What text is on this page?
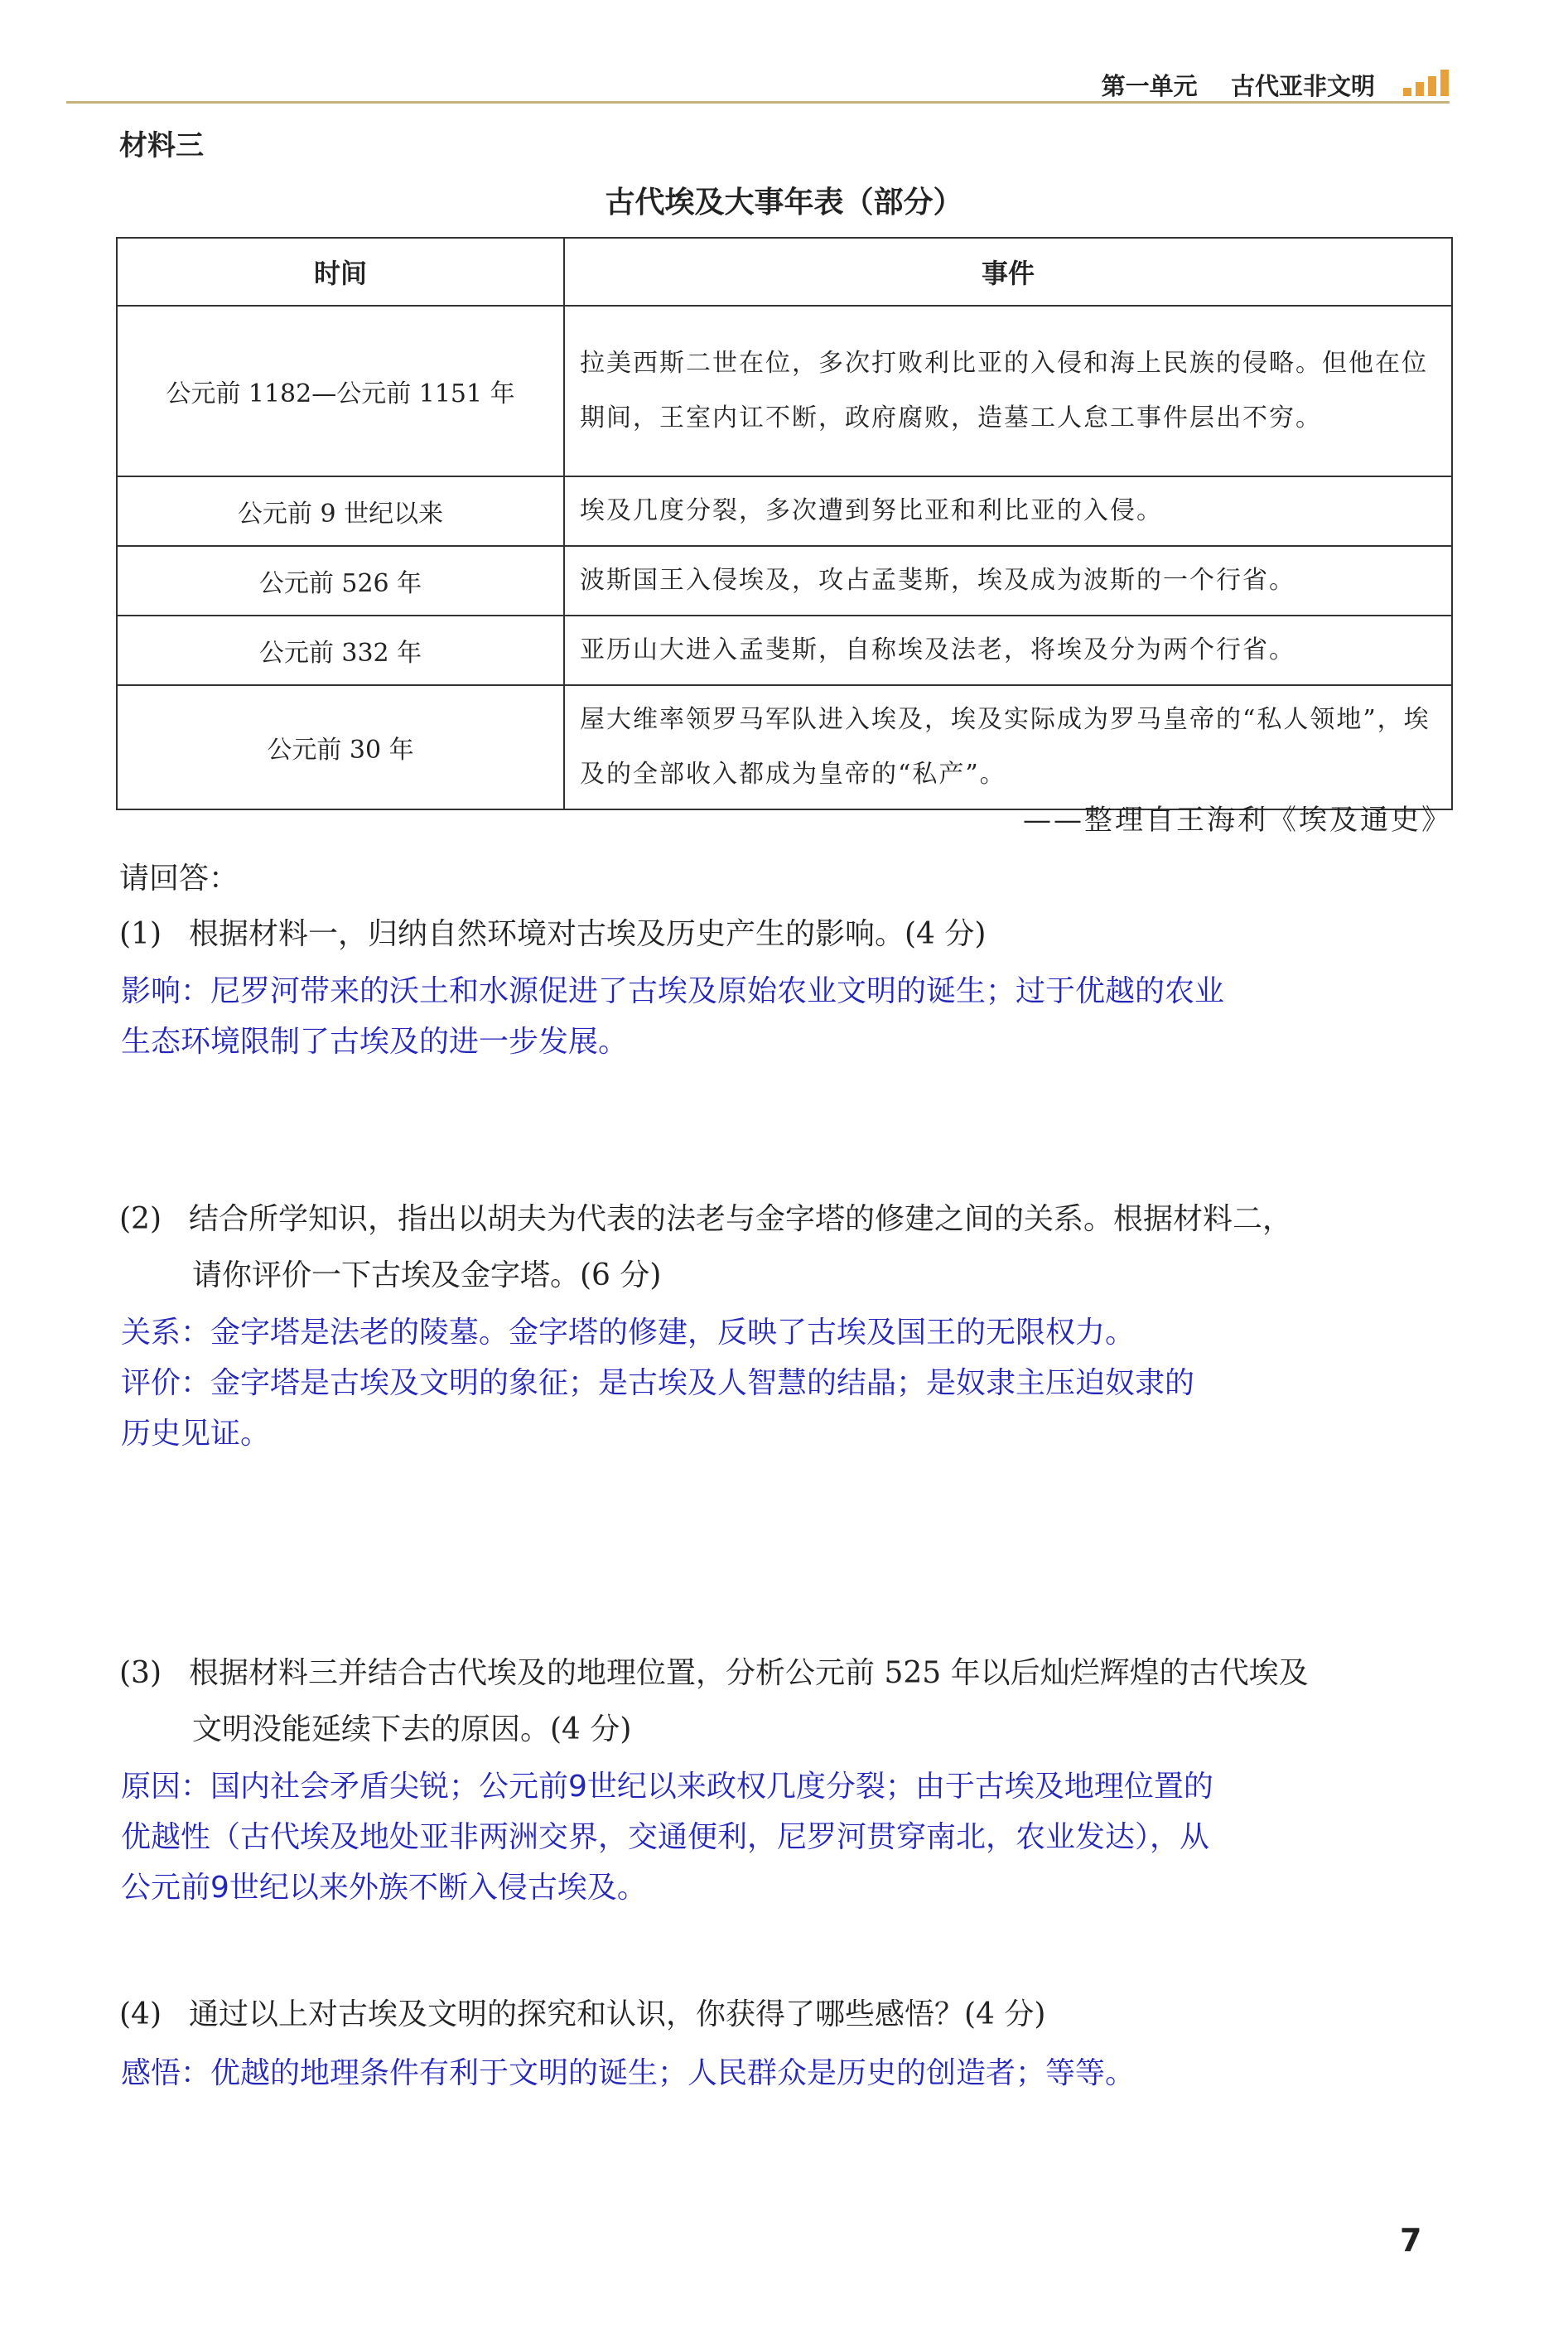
第一单元 古代亚非文明
材料三
古代埃及大事年表（部分）
时间	事件
公元前 1182—公元前 1151 年	拉美西斯二世在位，多次打败利比亚的入侵和海上民族的侵略。但他在位期间，王室内讧不断，政府腐败，造墓工人怠工事件层出不穷。
公元前 9 世纪以来	埃及几度分裂，多次遭到努比亚和利比亚的入侵。
公元前 526 年	波斯国王入侵埃及，攻占孟斐斯，埃及成为波斯的一个行省。
公元前 332 年	亚历山大进入孟斐斯，自称埃及法老，将埃及分为两个行省。
公元前 30 年	屋大维率领罗马军队进入埃及，埃及实际成为罗马皇帝的“私人领地”，埃及的全部收入都成为皇帝的“私产”。
——整理自王海利《埃及通史》
请回答：
(1) 根据材料一，归纳自然环境对古埃及历史产生的影响。(4 分)

影响：尼罗河带来的沃土和水源促进了古埃及原始农业文明的诞生；过于优越的农业

生态环境限制了古埃及的进一步发展。

(2) 结合所学知识，指出以胡夫为代表的法老与金字塔的修建之间的关系。根据材料二，
请你评价一下古埃及金字塔。(6 分)

关系：金字塔是法老的陵墓。金字塔的修建，反映了古埃及国王的无限权力。

评价：金字塔是古埃及文明的象征；是古埃及人智慧的结晶；是奴隶主压迫奴隶的

历史见证。

(3) 根据材料三并结合古代埃及的地理位置，分析公元前 525 年以后灿烂辉煌的古代埃及
文明没能延续下去的原因。(4 分)

原因：国内社会矛盾尖锐；公元前9世纪以来政权几度分裂；由于古埃及地理位置的

优越性（古代埃及地处亚非两洲交界，交通便利，尼罗河贯穿南北，农业发达），从

公元前9世纪以来外族不断入侵古埃及。

(4) 通过以上对古埃及文明的探究和认识，你获得了哪些感悟？(4 分)

感悟：优越的地理条件有利于文明的诞生；人民群众是历史的创造者；等等。

7
